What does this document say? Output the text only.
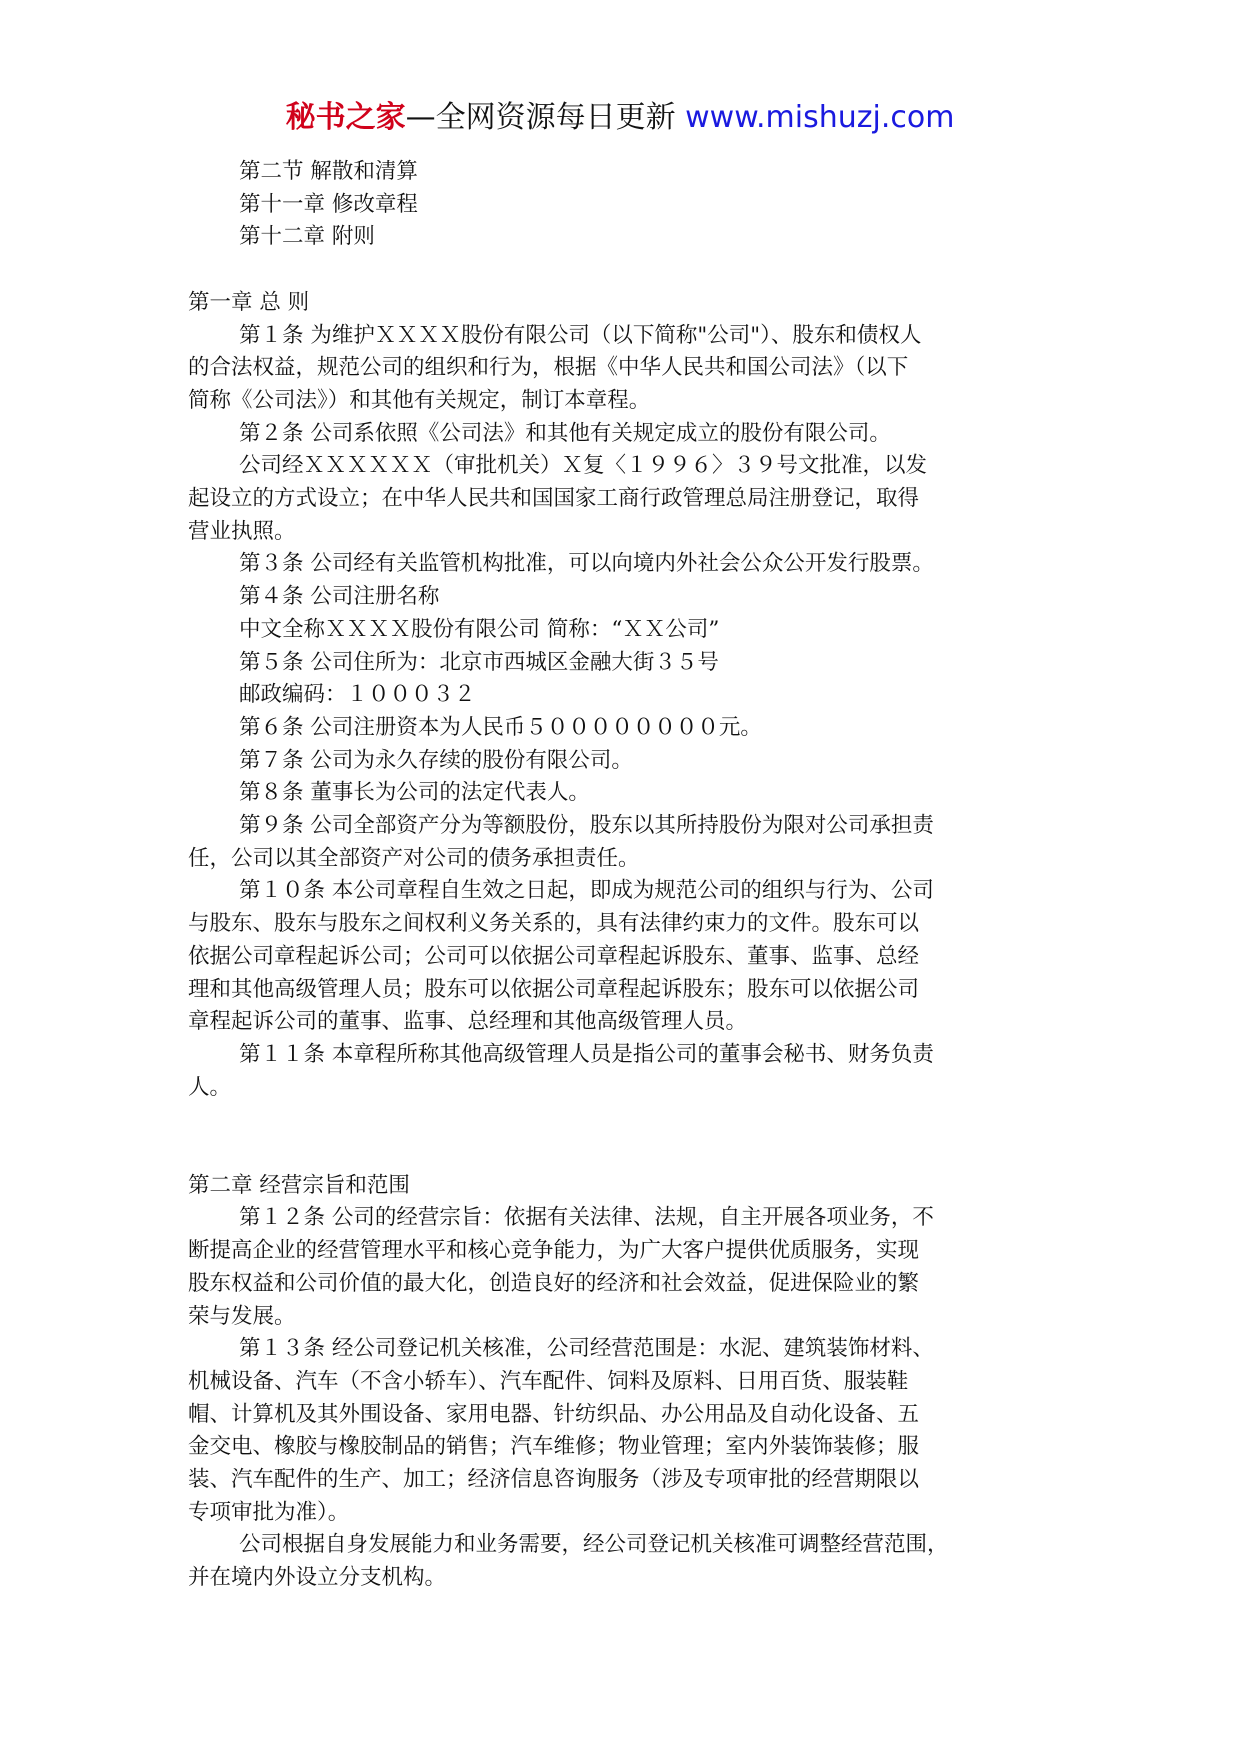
秘书之家—全网资源每日更新 www.mishuzj.com
第二节 解散和清算
第十一章 修改章程
第十二章 附则
第一章 总 则
第１条 为维护ＸＸＸＸ股份有限公司（以下简称"公司"）、股东和债权人
的合法权益，规范公司的组织和行为，根据《中华人民共和国公司法》（以下
简称《公司法》）和其他有关规定，制订本章程。
第２条 公司系依照《公司法》和其他有关规定成立的股份有限公司。
公司经ＸＸＸＸＸＸ（审批机关）Ｘ复〈１９９６〉３９号文批准，以发
起设立的方式设立；在中华人民共和国国家工商行政管理总局注册登记，取得
营业执照。
第３条 公司经有关监管机构批准，可以向境内外社会公众公开发行股票。
第４条 公司注册名称
中文全称ＸＸＸＸ股份有限公司 简称：“ＸＸ公司”
第５条 公司住所为：北京市西城区金融大街３５号
邮政编码：１０００３２
第６条 公司注册资本为人民币５００００００００元。
第７条 公司为永久存续的股份有限公司。
第８条 董事长为公司的法定代表人。
第９条 公司全部资产分为等额股份，股东以其所持股份为限对公司承担责
任，公司以其全部资产对公司的债务承担责任。
第１０条 本公司章程自生效之日起，即成为规范公司的组织与行为、公司
与股东、股东与股东之间权利义务关系的，具有法律约束力的文件。股东可以
依据公司章程起诉公司；公司可以依据公司章程起诉股东、董事、监事、总经
理和其他高级管理人员；股东可以依据公司章程起诉股东；股东可以依据公司
章程起诉公司的董事、监事、总经理和其他高级管理人员。
第１１条 本章程所称其他高级管理人员是指公司的董事会秘书、财务负责
人。
第二章 经营宗旨和范围
第１２条 公司的经营宗旨：依据有关法律、法规，自主开展各项业务，不
断提高企业的经营管理水平和核心竞争能力，为广大客户提供优质服务，实现
股东权益和公司价值的最大化，创造良好的经济和社会效益，促进保险业的繁
荣与发展。
第１３条 经公司登记机关核准，公司经营范围是：水泥、建筑装饰材料、
机械设备、汽车（不含小轿车）、汽车配件、饲料及原料、日用百货、服装鞋
帽、计算机及其外围设备、家用电器、针纺织品、办公用品及自动化设备、五
金交电、橡胶与橡胶制品的销售；汽车维修；物业管理；室内外装饰装修；服
装、汽车配件的生产、加工；经济信息咨询服务（涉及专项审批的经营期限以
专项审批为准）。
公司根据自身发展能力和业务需要，经公司登记机关核准可调整经营范围，
并在境内外设立分支机构。
